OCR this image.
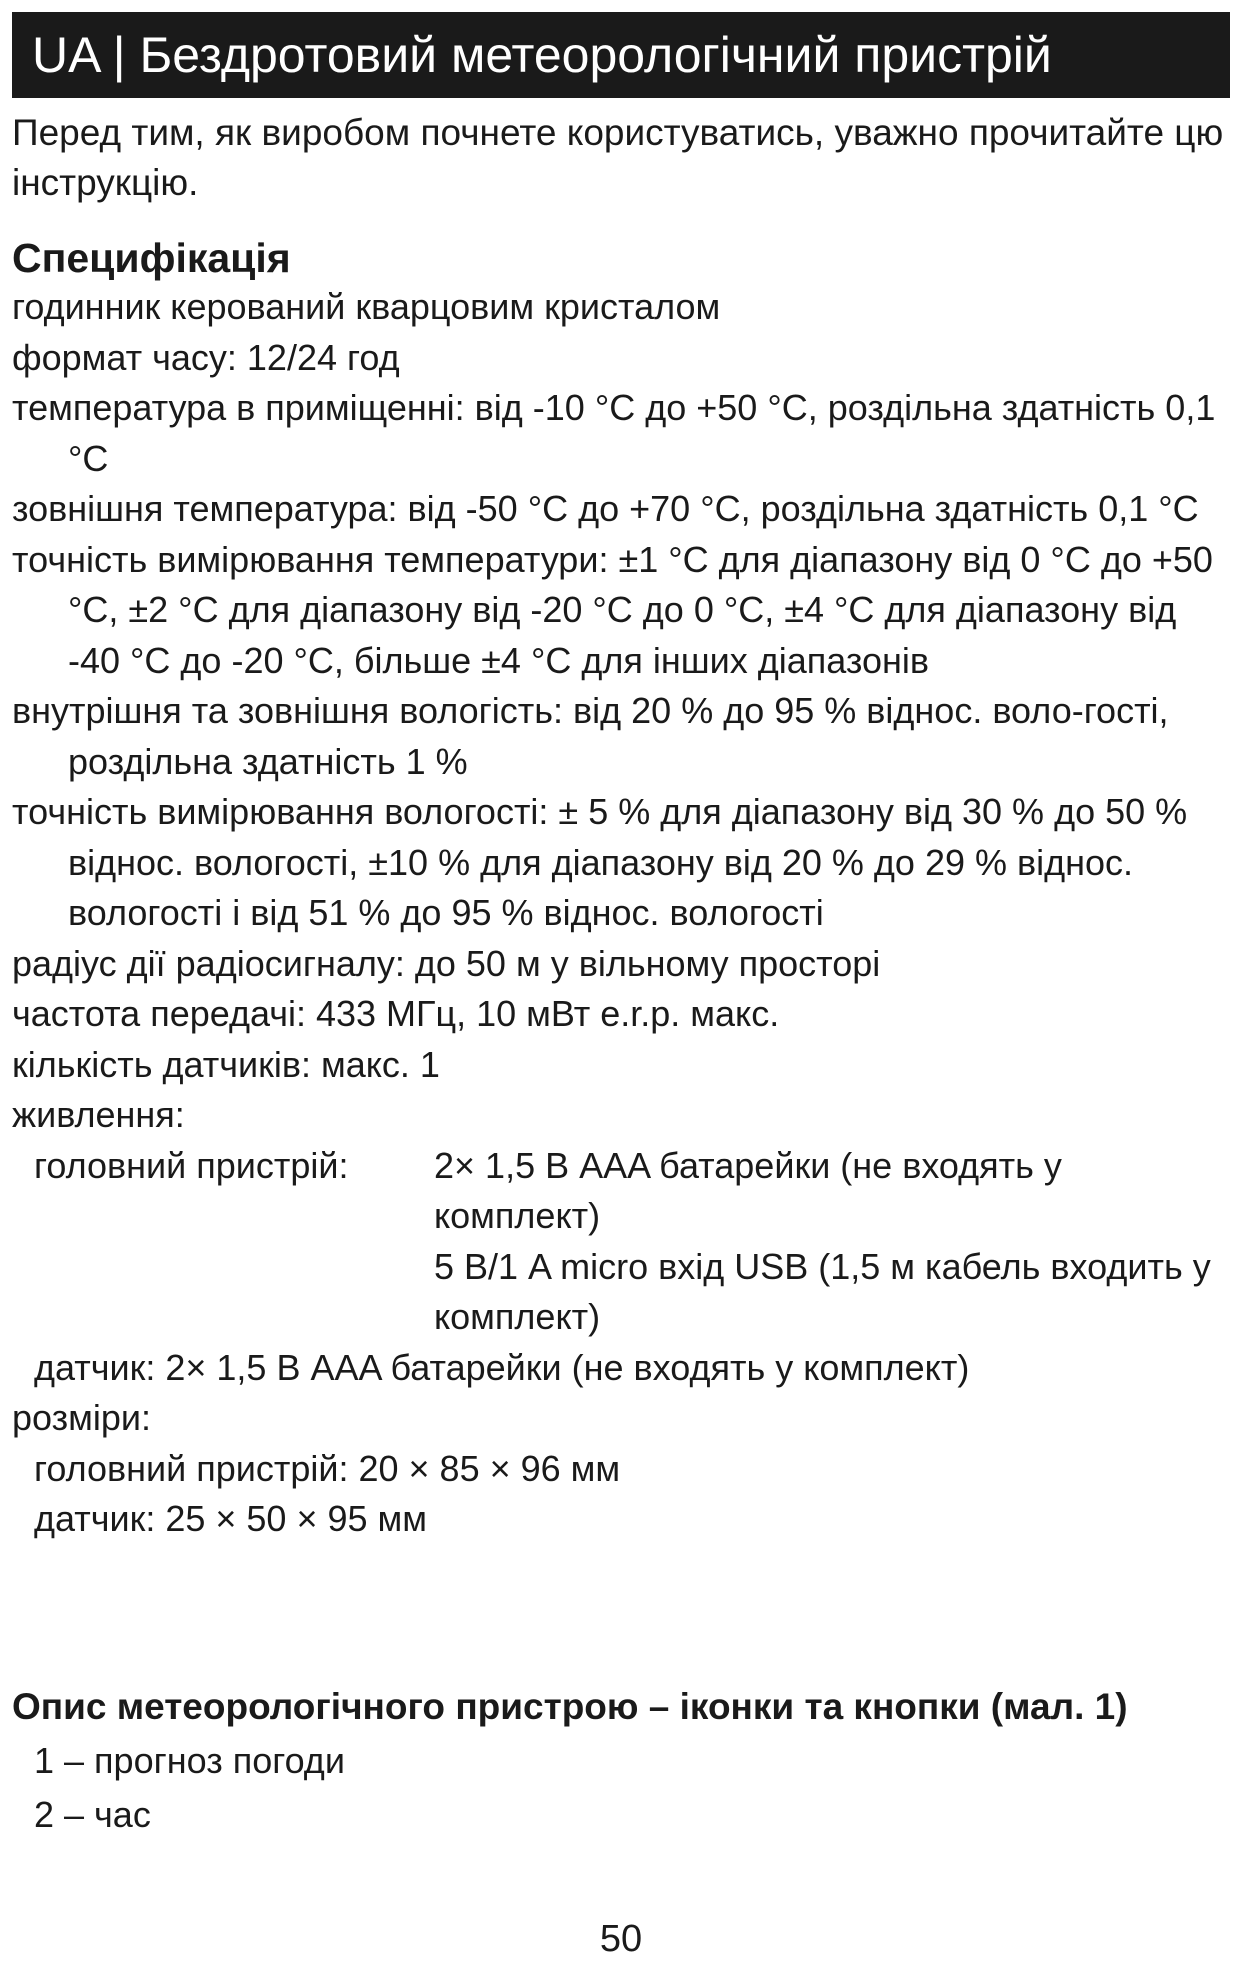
UA | Бездротовий метеорологічний пристрій
Перед тим, як виробом почнете користуватись, уважно прочитайте цю інструкцію.
Специфікація

годинник керований кварцовим кристалом

формат часу: 12/24 год

температура в приміщенні: від -10 °C до +50 °C, роздільна здатність 0,1 °C

зовнішня температура: від -50 °C до +70 °C, роздільна здатність 0,1 °C

точність вимірювання температури: ±1 °C для діапазону від 0 °C до +50 °C, ±2 °C для діапазону від -20 °C до 0 °C, ±4 °C для діапазону від -40 °C до -20 °C, більше ±4 °C для інших діапазонів

внутрішня та зовнішня вологість: від 20 % до 95 % віднос. воло-гості, роздільна здатність 1 %

точність вимірювання вологості: ± 5 % для діапазону від 30 % до 50 % віднос. вологості, ±10 % для діапазону від 20 % до 29 % віднос. вологості і від 51 % до 95 % віднос. вологості

радіус дії радіосигналу: до 50 м у вільному просторі

частота передачі: 433 МГц, 10 мВт e.r.p. макс.

кількість датчиків: макс. 1

живлення:
головний пристрій:	2× 1,5 В AAA батарейки (не входять у комплект)
5 В/1 A micro вхід USB (1,5 м кабель входить у комплект)
датчик: 2× 1,5 В AAA батарейки (не входять у комплект)
розміри:
головний пристрій: 20 × 85 × 96 мм
датчик: 25 × 50 × 95 мм
Опис метеорологічного пристрою – іконки та кнопки (мал. 1)
1 – прогноз погоди
2 – час
50
